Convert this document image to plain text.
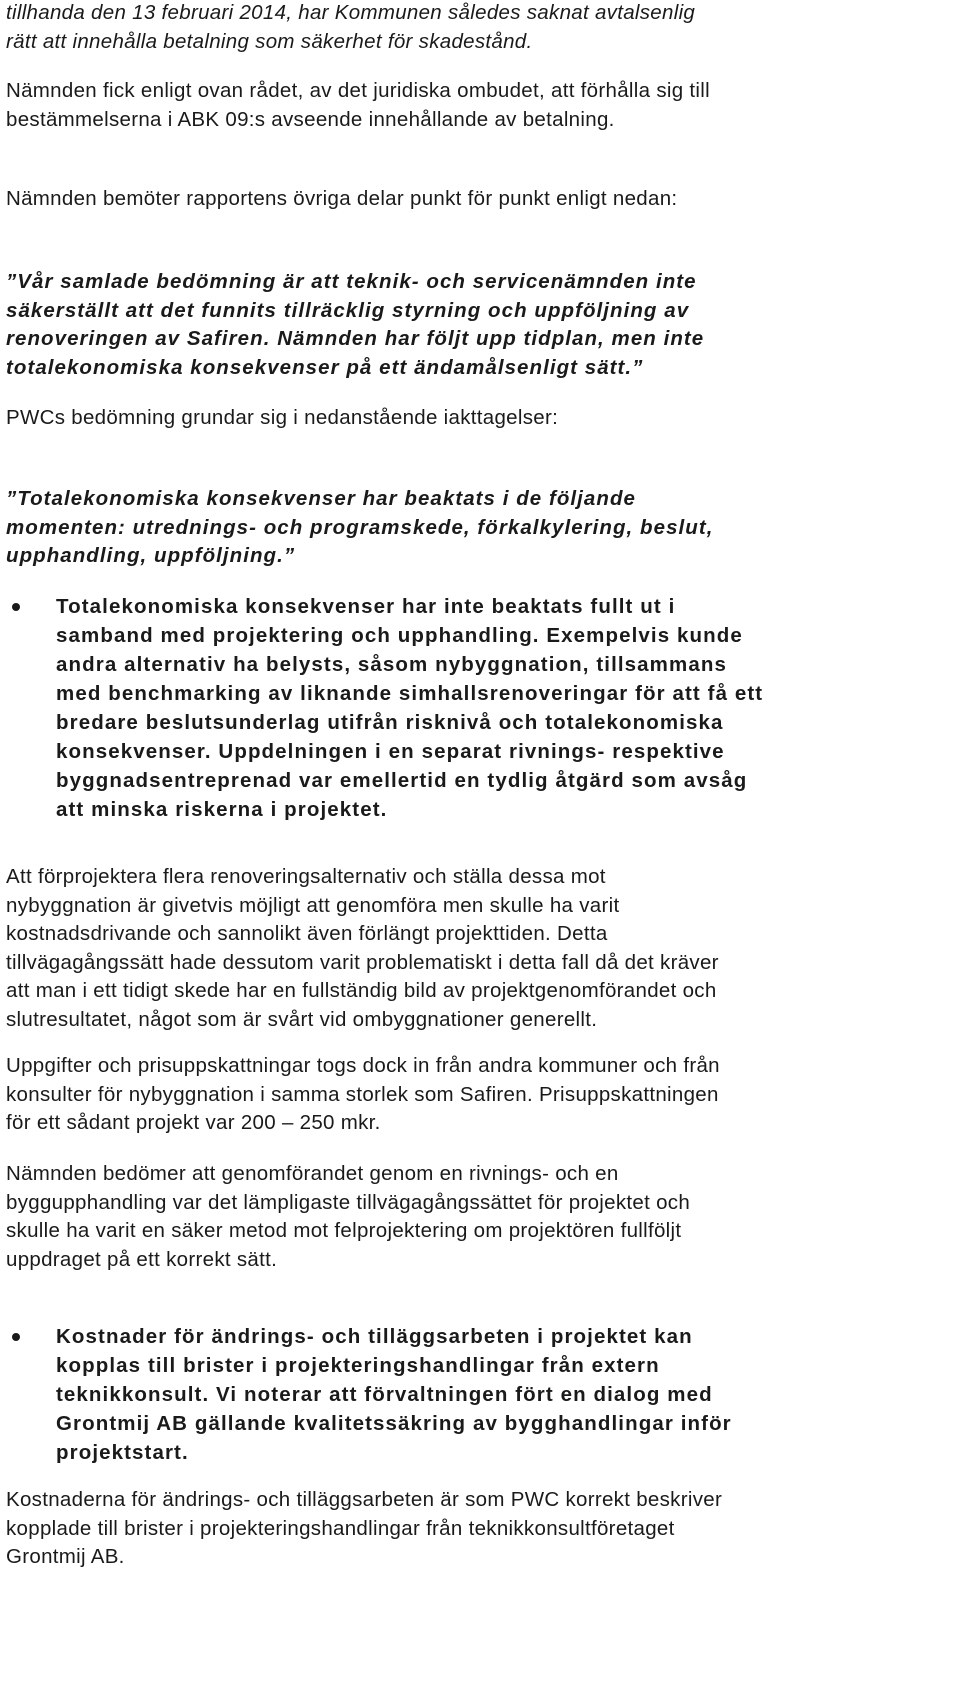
tillhanda den 13 februari 2014, har Kommunen således saknat avtalsenlig
rätt att innehålla betalning som säkerhet för skadestånd.

Nämnden fick enligt ovan rådet, av det juridiska ombudet, att förhålla sig till
bestämmelserna i ABK 09:s avseende innehållande av betalning.

Nämnden bemöter rapportens övriga delar punkt för punkt enligt nedan:

”Vår samlade bedömning är att teknik- och servicenämnden inte
säkerställt att det funnits tillräcklig styrning och uppföljning av
renoveringen av Safiren. Nämnden har följt upp tidplan, men inte
totalekonomiska konsekvenser på ett ändamålsenligt sätt.”

PWCs bedömning grundar sig i nedanstående iakttagelser:

”Totalekonomiska konsekvenser har beaktats i de följande
momenten: utrednings- och programskede, förkalkylering, beslut,
upphandling, uppföljning.”

Totalekonomiska konsekvenser har inte beaktats fullt ut i
samband med projektering och upphandling. Exempelvis kunde
andra alternativ ha belysts, såsom nybyggnation, tillsammans
med benchmarking av liknande simhallsrenoveringar för att få ett
bredare beslutsunderlag utifrån risknivå och totalekonomiska
konsekvenser. Uppdelningen i en separat rivnings- respektive
byggnadsentreprenad var emellertid en tydlig åtgärd som avsåg
att minska riskerna i projektet.

Att förprojektera flera renoveringsalternativ och ställa dessa mot
nybyggnation är givetvis möjligt att genomföra men skulle ha varit
kostnadsdrivande och sannolikt även förlängt projekttiden. Detta
tillvägagångssätt hade dessutom varit problematiskt i detta fall då det kräver
att man i ett tidigt skede har en fullständig bild av projektgenomförandet och
slutresultatet, något som är svårt vid ombyggnationer generellt.

Uppgifter och prisuppskattningar togs dock in från andra kommuner och från
konsulter för nybyggnation i samma storlek som Safiren. Prisuppskattningen
för ett sådant projekt var 200 – 250 mkr.

Nämnden bedömer att genomförandet genom en rivnings- och en
byggupphandling var det lämpligaste tillvägagångssättet för projektet och
skulle ha varit en säker metod mot felprojektering om projektören fullföljt
uppdraget på ett korrekt sätt.

Kostnader för ändrings- och tilläggsarbeten i projektet kan
kopplas till brister i projekteringshandlingar från extern
teknikkonsult. Vi noterar att förvaltningen fört en dialog med
Grontmij AB gällande kvalitetssäkring av bygghandlingar inför
projektstart.

Kostnaderna för ändrings- och tilläggsarbeten är som PWC korrekt beskriver
kopplade till brister i projekteringshandlingar från teknikkonsultföretaget
Grontmij AB.
